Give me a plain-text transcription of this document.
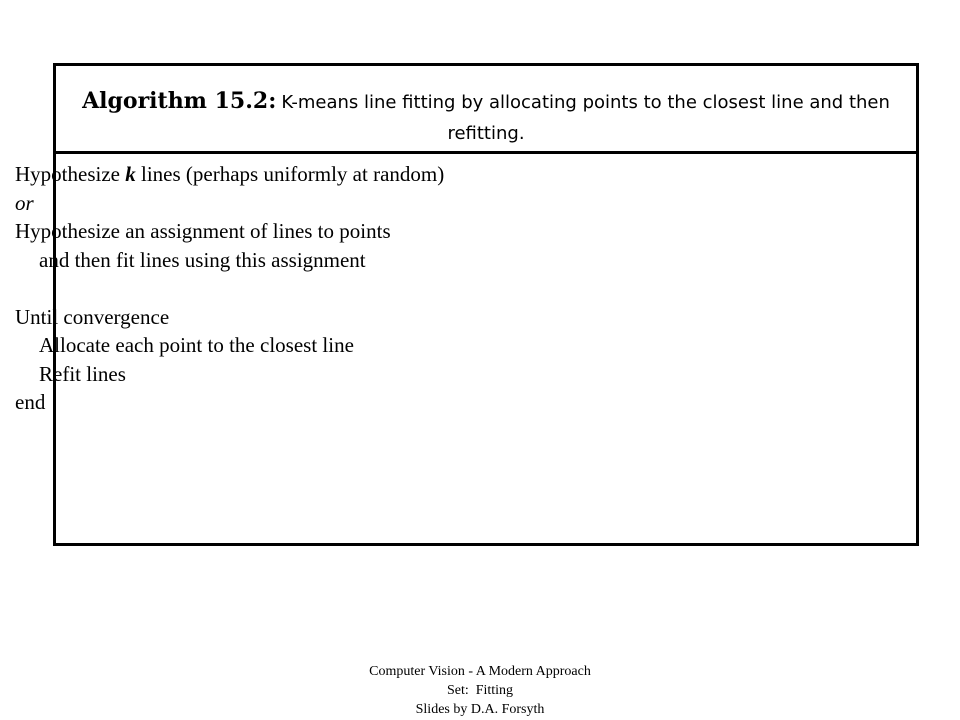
Algorithm 15.2: K-means line fitting by allocating points to the closest line and then refitting.
Hypothesize k lines (perhaps uniformly at random)
or
Hypothesize an assignment of lines to points
and then fit lines using this assignment
Until convergence
Allocate each point to the closest line
Refit lines
end
Computer Vision - A Modern Approach
Set:  Fitting
Slides by D.A. Forsyth
